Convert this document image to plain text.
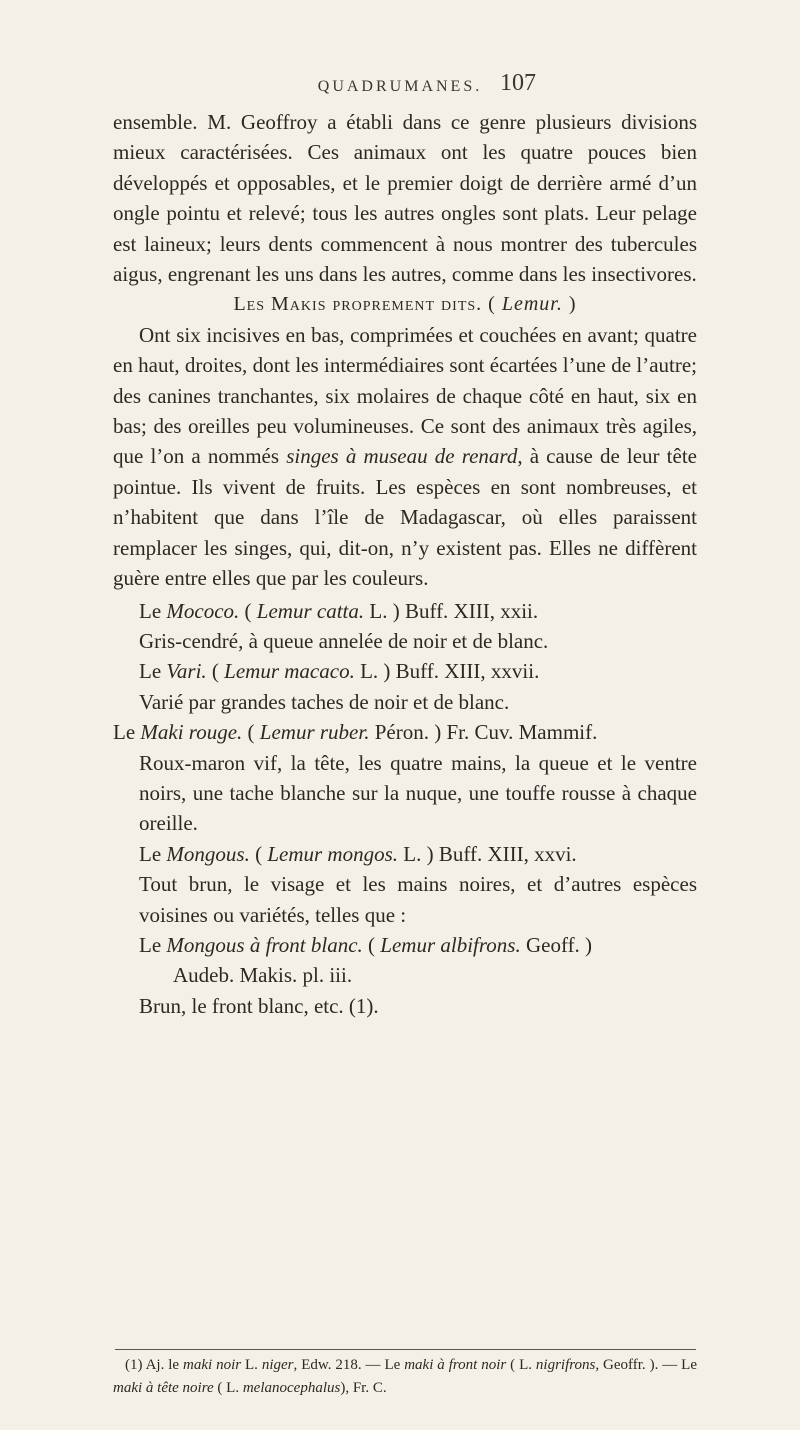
QUADRUMANES. 107

ensemble. M. Geoffroy a établi dans ce genre plusieurs divisions mieux caractérisées. Ces animaux ont les quatre pouces bien développés et opposables, et le premier doigt de derrière armé d’un ongle pointu et relevé; tous les autres ongles sont plats. Leur pelage est laineux; leurs dents commencent à nous montrer des tubercules aigus, engrenant les uns dans les autres, comme dans les insectivores.

Les Makis proprement dits. ( Lemur. )

Ont six incisives en bas, comprimées et couchées en avant; quatre en haut, droites, dont les intermédiaires sont écartées l’une de l’autre; des canines tranchantes, six molaires de chaque côté en haut, six en bas; des oreilles peu volumineuses. Ce sont des animaux très agiles, que l’on a nommés singes à museau de renard, à cause de leur tête pointue. Ils vivent de fruits. Les espèces en sont nombreuses, et n’habitent que dans l’île de Madagascar, où elles paraissent remplacer les singes, qui, dit-on, n’y existent pas. Elles ne diffèrent guère entre elles que par les couleurs.

Le Mococo. ( Lemur catta. L. ) Buff. XIII, xxii.

Gris-cendré, à queue annelée de noir et de blanc.

Le Vari. ( Lemur macaco. L. ) Buff. XIII, xxvii.

Varié par grandes taches de noir et de blanc.

Le Maki rouge. ( Lemur ruber. Péron. ) Fr. Cuv. Mammif.

Roux-maron vif, la tête, les quatre mains, la queue et le ventre noirs, une tache blanche sur la nuque, une touffe rousse à chaque oreille.

Le Mongous. ( Lemur mongos. L. ) Buff. XIII, xxvi.

Tout brun, le visage et les mains noires, et d’autres espèces voisines ou variétés, telles que :

Le Mongous à front blanc. ( Lemur albifrons. Geoff. )

Audeb. Makis. pl. iii.

Brun, le front blanc, etc. (1).

(1) Aj. le maki noir L. niger, Edw. 218. — Le maki à front noir ( L. nigrifrons, Geoffr. ). — Le maki à tête noire ( L. melanocephalus), Fr. C.
